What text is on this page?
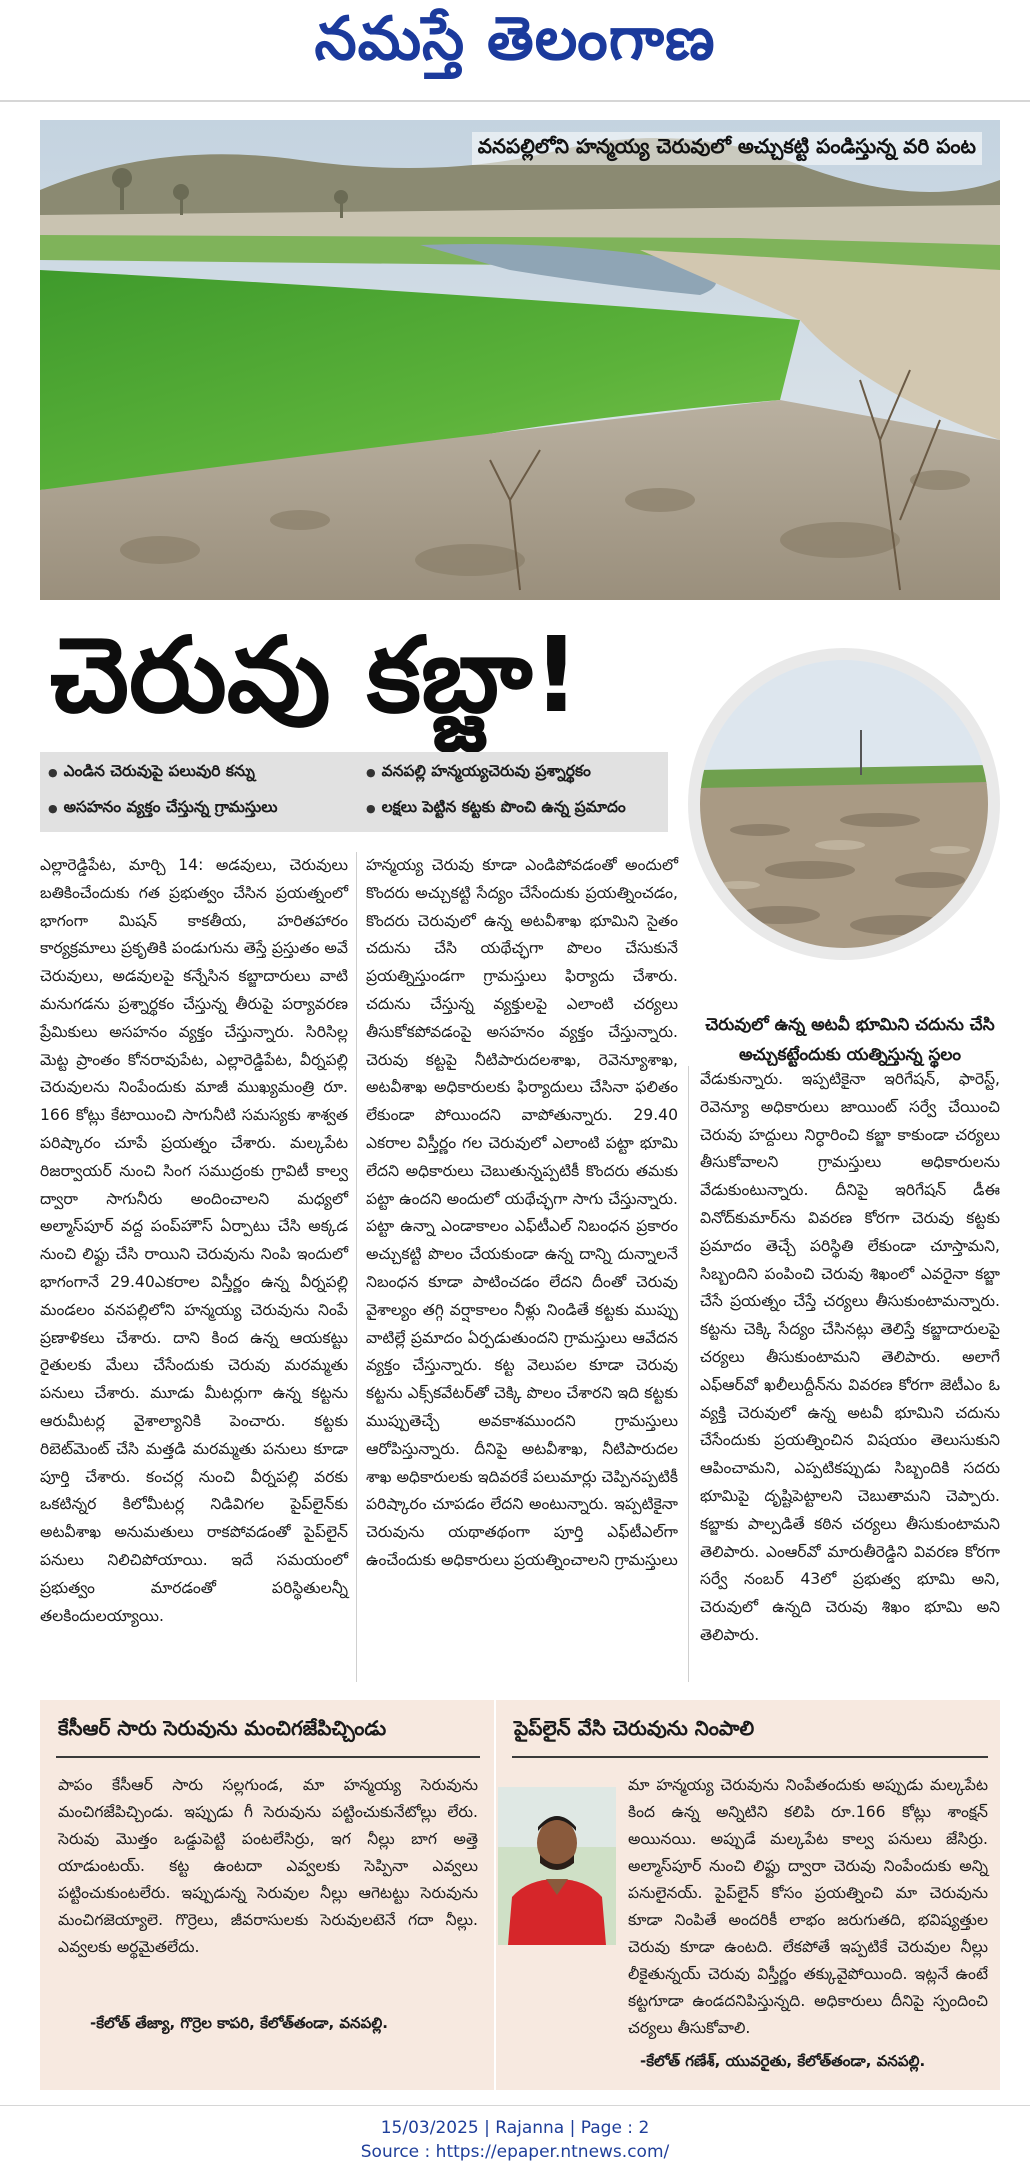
నమస్తే తెలంగాణ
వనపల్లిలోని హన్మయ్య చెరువులో అచ్చుకట్టి పండిస్తున్న వరి పంట
చెరువు కబ్జా!
చెరువులో ఉన్న అటవీ భూమిని చదును చేసి అచ్చుకట్టేందుకు యత్నిస్తున్న స్థలం
● ఎండిన చెరువుపై పలువురి కన్ను	● వనపల్లి హన్మయ్యచెరువు ప్రశ్నార్థకం
● అసహనం వ్యక్తం చేస్తున్న గ్రామస్తులు	● లక్షలు పెట్టిన కట్టకు పొంచి ఉన్న ప్రమాదం

ఎల్లారెడ్డిపేట, మార్చి 14: అడవులు, చెరువులు బతికించేందుకు గత ప్రభుత్వం చేసిన ప్రయత్నంలో భాగంగా మిషన్ కాకతీయ, హరితహారం కార్యక్రమాలు ప్రకృతికి పండుగును తెస్తే ప్రస్తుతం అవే చెరువులు, అడవులపై కన్నేసిన కబ్జాదారులు వాటి మనుగడను ప్రశ్నార్థకం చేస్తున్న తీరుపై పర్యావరణ ప్రేమికులు అసహనం వ్యక్తం చేస్తున్నారు. సిరిసిల్ల మెట్ట ప్రాంతం కోనరావుపేట, ఎల్లారెడ్డిపేట, వీర్నపల్లి చెరువులను నింపేందుకు మాజీ ముఖ్యమంత్రి రూ. 166 కోట్లు కేటాయించి సాగునీటి సమస్యకు శాశ్వత పరిష్కారం చూపే ప్రయత్నం చేశారు. మల్కపేట రిజర్వాయర్ నుంచి సింగ సముద్రంకు గ్రావిటీ కాల్వ ద్వారా సాగునీరు అందించాలని మధ్యలో అల్మాస్‌పూర్ వద్ద పంప్‌హౌస్ ఏర్పాటు చేసి అక్కడ నుంచి లిఫ్టు చేసి రాయిని చెరువును నింపి ఇందులో భాగంగానే 29.40ఎకరాల విస్తీర్ణం ఉన్న వీర్నపల్లి మండలం వనపల్లిలోని హన్మయ్య చెరువును నింపే ప్రణాళికలు చేశారు. దాని కింద ఉన్న ఆయకట్టు రైతులకు మేలు చేసేందుకు చెరువు మరమ్మతు పనులు చేశారు. మూడు మీటర్లుగా ఉన్న కట్టను ఆరుమీటర్ల వైశాల్యానికి పెంచారు. కట్టకు రిబెట్‌మెంట్ చేసి మత్తడి మరమ్మతు పనులు కూడా పూర్తి చేశారు. కంచర్ల నుంచి వీర్నపల్లి వరకు ఒకటిన్నర కిలోమీటర్ల నిడివిగల పైప్‌లైన్‌కు అటవీశాఖ అనుమతులు రాకపోవడంతో పైప్‌లైన్ పనులు నిలిచిపోయాయి. ఇదే సమయంలో ప్రభుత్వం మారడంతో పరిస్థితులన్నీ తలకిందులయ్యాయి.

హన్మయ్య చెరువు కూడా ఎండిపోవడంతో అందులో కొందరు అచ్చుకట్టి సేద్యం చేసేందుకు ప్రయత్నించడం, కొందరు చెరువులో ఉన్న అటవీశాఖ భూమిని సైతం చదును చేసి యథేచ్ఛగా పొలం చేసుకునే ప్రయత్నిస్తుండగా గ్రామస్తులు ఫిర్యాదు చేశారు. చదును చేస్తున్న వ్యక్తులపై ఎలాంటి చర్యలు తీసుకోకపోవడంపై అసహనం వ్యక్తం చేస్తున్నారు. చెరువు కట్టపై నీటిపారుదలశాఖ, రెవెన్యూశాఖ, అటవీశాఖ అధికారులకు ఫిర్యాదులు చేసినా ఫలితం లేకుండా పోయిందని వాపోతున్నారు. 29.40 ఎకరాల విస్తీర్ణం గల చెరువులో ఎలాంటి పట్టా భూమి లేదని అధికారులు చెబుతున్నప్పటికీ కొందరు తమకు పట్టా ఉందని అందులో యథేచ్ఛగా సాగు చేస్తున్నారు. పట్టా ఉన్నా ఎండాకాలం ఎఫ్‌టీఎల్ నిబంధన ప్రకారం అచ్చుకట్టి పొలం చేయకుండా ఉన్న దాన్ని దున్నాలనే నిబంధన కూడా పాటించడం లేదని దీంతో చెరువు వైశాల్యం తగ్గి వర్షాకాలం నీళ్లు నిండితే కట్టకు ముప్పు వాటిల్లే ప్రమాదం ఏర్పడుతుందని గ్రామస్తులు ఆవేదన వ్యక్తం చేస్తున్నారు. కట్ట వెలుపల కూడా చెరువు కట్టను ఎక్స్‌కవేటర్‌తో చెక్కి పొలం చేశారని ఇది కట్టకు ముప్పుతెచ్చే అవకాశముందని గ్రామస్తులు ఆరోపిస్తున్నారు. దీనిపై అటవీశాఖ, నీటిపారుదల శాఖ అధికారులకు ఇదివరకే పలుమార్లు చెప్పినప్పటికీ పరిష్కారం చూపడం లేదని అంటున్నారు. ఇప్పటికైనా చెరువును యథాతథంగా పూర్తి ఎఫ్‌టీఎల్‌గా ఉంచేందుకు అధికారులు ప్రయత్నించాలని గ్రామస్తులు

వేడుకున్నారు. ఇప్పటికైనా ఇరిగేషన్, ఫారెస్ట్, రెవెన్యూ అధికారులు జాయింట్ సర్వే చేయించి చెరువు హద్దులు నిర్ధారించి కబ్జా కాకుండా చర్యలు తీసుకోవాలని గ్రామస్తులు అధికారులను వేడుకుంటున్నారు. దీనిపై ఇరిగేషన్ డీఈ వినోద్‌కుమార్‌ను వివరణ కోరగా చెరువు కట్టకు ప్రమాదం తెచ్చే పరిస్థితి లేకుండా చూస్తామని, సిబ్బందిని పంపించి చెరువు శిఖంలో ఎవరైనా కబ్జా చేసే ప్రయత్నం చేస్తే చర్యలు తీసుకుంటామన్నారు. కట్టను చెక్కి సేద్యం చేసినట్లు తెలిస్తే కబ్జాదారులపై చర్యలు తీసుకుంటామని తెలిపారు. అలాగే ఎఫ్ఆర్‌వో ఖలీలుద్దీన్‌ను వివరణ కోరగా జెటీఎం ఓ వ్యక్తి చెరువులో ఉన్న అటవీ భూమిని చదును చేసేందుకు ప్రయత్నించిన విషయం తెలుసుకుని ఆపించామని, ఎప్పటికప్పుడు సిబ్బందికి సదరు భూమిపై దృష్టిపెట్టాలని చెబుతామని చెప్పారు. కబ్జాకు పాల్పడితే కఠిన చర్యలు తీసుకుంటామని తెలిపారు. ఎంఆర్‌వో మారుతీరెడ్డిని వివరణ కోరగా సర్వే నంబర్ 43లో ప్రభుత్వ భూమి అని, చెరువులో ఉన్నది చెరువు శిఖం భూమి అని తెలిపారు.

కేసీఆర్ సారు సెరువును మంచిగజేపిచ్చిండు
పాపం కేసీఆర్ సారు సల్లగుండ, మా హన్మయ్య సెరువును మంచిగజేపిచ్చిండు. ఇప్పుడు గీ సెరువును పట్టించుకునేటోల్లు లేరు. సెరువు మొత్తం ఒడ్డుపెట్టి పంటలేసిర్రు, ఇగ నీల్లు బాగ అత్తె యాడుంటయ్. కట్ట ఉంటదా ఎవ్వలకు సెప్పినా ఎవ్వలు పట్టించుకుంటలేరు. ఇప్పుడున్న సెరువుల నీల్లు ఆగెటట్టు సెరువును మంచిగజెయ్యాలె. గొర్రెలు, జీవరాసులకు సెరువులటెనే గదా నీల్లు. ఎవ్వలకు అర్థమైతలేదు.
-కేలోత్ తేజ్యా, గొర్రెల కాపరి, కేలోత్‌తండా, వనపల్లి.
పైప్‌లైన్ వేసి చెరువును నింపాలి
మా హన్మయ్య చెరువును నింపేతందుకు అప్పుడు మల్కపేట కింద ఉన్న అన్నిటిని కలిపి రూ.166 కోట్లు శాంక్షన్ అయినయి. అప్పుడే మల్కపేట కాల్వ పనులు జేసిర్రు. అల్మాస్‌పూర్ నుంచి లిఫ్టు ద్వారా చెరువు నింపేందుకు అన్ని పనులైనయ్. పైప్‌లైన్ కోసం ప్రయత్నించి మా చెరువును కూడా నింపితే అందరికీ లాభం జరుగుతది, భవిష్యత్తుల చెరువు కూడా ఉంటది. లేకపోతే ఇప్పటికే చెరువుల నీల్లు లీకైతున్నయ్ చెరువు విస్తీర్ణం తక్కువైపోయింది. ఇట్లనే ఉంటే కట్టగూడా ఉండదనిపిస్తున్నది. అధికారులు దీనిపై స్పందించి చర్యలు తీసుకోవాలి.
-కేలోత్ గణేశ్, యువరైతు, కేలోత్‌తండా, వనపల్లి.
15/03/2025 | Rajanna | Page : 2
Source : https://epaper.ntnews.com/
